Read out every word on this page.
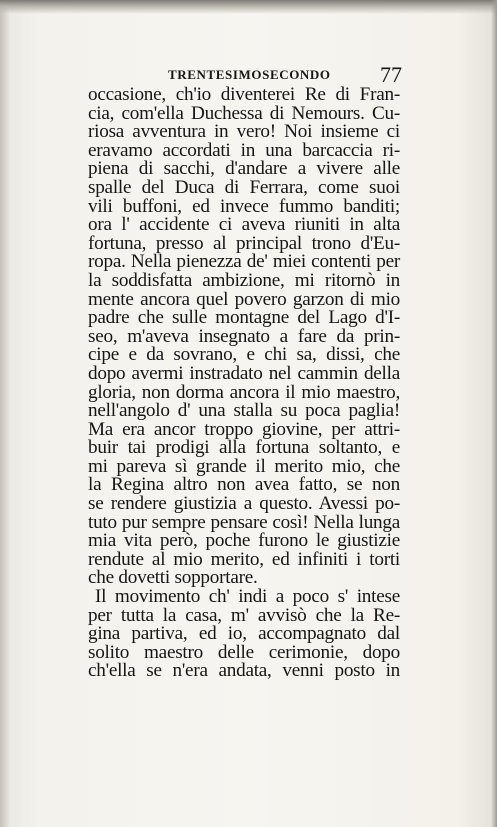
TRENTESIMOSECONDO 77
occasione, ch'io diventerei Re di Fran-
cia, com'ella Duchessa di Nemours. Cu-
riosa avventura in vero! Noi insieme ci
eravamo accordati in una barcaccia ri-
piena di sacchi, d'andare a vivere alle
spalle del Duca di Ferrara, come suoi
vili buffoni, ed invece fummo banditi;
ora l' accidente ci aveva riuniti in alta
fortuna, presso al principal trono d'Eu-
ropa. Nella pienezza de' miei contenti per
la soddisfatta ambizione, mi ritornò in
mente ancora quel povero garzon di mio
padre che sulle montagne del Lago d'I-
seo, m'aveva insegnato a fare da prin-
cipe e da sovrano, e chi sa, dissi, che
dopo avermi instradato nel cammin della
gloria, non dorma ancora il mio maestro,
nell'angolo d' una stalla su poca paglia!
Ma era ancor troppo giovine, per attri-
buir tai prodigi alla fortuna soltanto, e
mi pareva sì grande il merito mio, che
la Regina altro non avea fatto, se non
se rendere giustizia a questo. Avessi po-
tuto pur sempre pensare così! Nella lunga
mia vita però, poche furono le giustizie
rendute al mio merito, ed infiniti i torti
che dovetti sopportare.
Il movimento ch' indi a poco s' intese
per tutta la casa, m' avvisò che la Re-
gina partiva, ed io, accompagnato dal
solito maestro delle cerimonie, dopo
ch'ella se n'era andata, venni posto in
